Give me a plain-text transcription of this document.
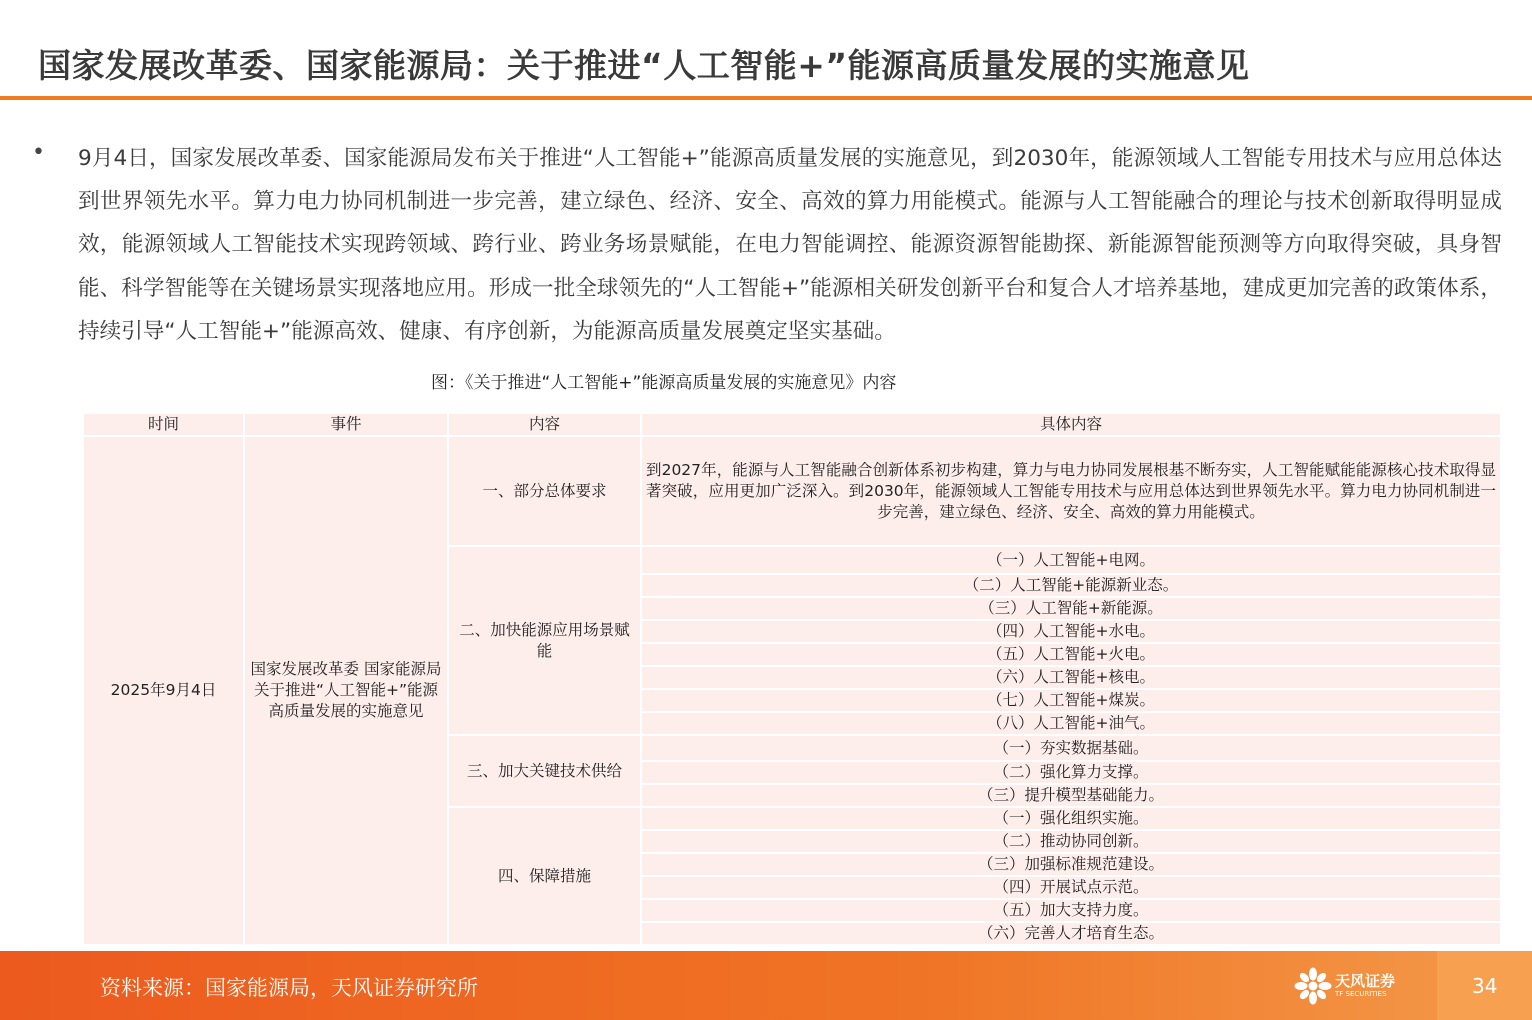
国家发展改革委、国家能源局：关于推进“人工智能+”能源高质量发展的实施意见
• 9月4日，国家发展改革委、国家能源局发布关于推进“人工智能+”能源高质量发展的实施意见，到2030年，能源领域人工智能专用技术与应用总体达到世界领先水平。算力电力协同机制进一步完善，建立绿色、经济、安全、高效的算力用能模式。能源与人工智能融合的理论与技术创新取得明显成效，能源领域人工智能技术实现跨领域、跨行业、跨业务场景赋能，在电力智能调控、能源资源智能勘探、新能源智能预测等方向取得突破，具身智能、科学智能等在关键场景实现落地应用。形成一批全球领先的“人工智能+”能源相关研发创新平台和复合人才培养基地，建成更加完善的政策体系，持续引导“人工智能+”能源高效、健康、有序创新，为能源高质量发展奠定坚实基础。
图：《关于推进“人工智能+”能源高质量发展的实施意见》内容
时间	事件	内容	具体内容
2025年9月4日	国家发展改革委 国家能源局关于推进“人工智能+”能源高质量发展的实施意见	一、部分总体要求	到2027年，能源与人工智能融合创新体系初步构建，算力与电力协同发展根基不断夯实，人工智能赋能能源核心技术取得显著突破，应用更加广泛深入。到2030年，能源领域人工智能专用技术与应用总体达到世界领先水平。算力电力协同机制进一步完善，建立绿色、经济、安全、高效的算力用能模式。
		二、加快能源应用场景赋能	（一）人工智能+电网。
			（二）人工智能+能源新业态。
			（三）人工智能+新能源。
			（四）人工智能+水电。
			（五）人工智能+火电。
			（六）人工智能+核电。
			（七）人工智能+煤炭。
			（八）人工智能+油气。
		三、加大关键技术供给	（一）夯实数据基础。
			（二）强化算力支撑。
			（三）提升模型基础能力。
		四、保障措施	（一）强化组织实施。
			（二）推动协同创新。
			（三）加强标准规范建设。
			（四）开展试点示范。
			（五）加大支持力度。
			（六）完善人才培育生态。
资料来源：国家能源局，天风证券研究所	天风证券
TF SECURITIES	34
